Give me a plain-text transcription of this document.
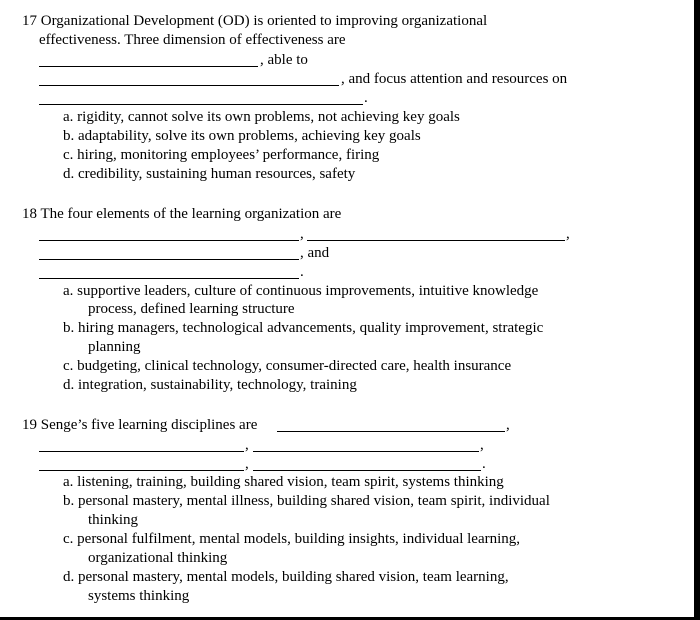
17 Organizational Development (OD) is oriented to improving organizational
effectiveness. Three dimension of effectiveness are
, able to
, and focus attention and resources on
.
a. rigidity, cannot solve its own problems, not achieving key goals
b. adaptability, solve its own problems, achieving key goals
c. hiring, monitoring employees’ performance, firing
d. credibility, sustaining human resources, safety
18 The four elements of the learning organization are
,	,
, and
.
a. supportive leaders, culture of continuous improvements, intuitive knowledge
process, defined learning structure
b. hiring managers, technological advancements, quality improvement, strategic
planning
c. budgeting, clinical technology, consumer-directed care, health insurance
d. integration, sustainability, technology, training
19 Senge’s five learning disciplines are	,
,	,
,	.
a. listening, training, building shared vision, team spirit, systems thinking
b. personal mastery, mental illness, building shared vision, team spirit, individual
thinking
c. personal fulfilment, mental models, building insights, individual learning,
organizational thinking
d. personal mastery, mental models, building shared vision, team learning,
systems thinking
